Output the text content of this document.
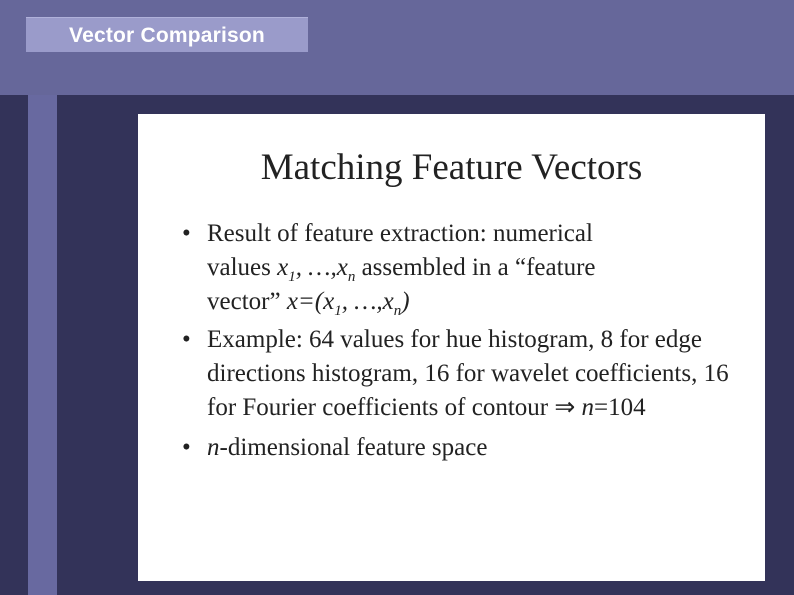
Vector Comparison
Matching Feature Vectors
• Result of feature extraction: numerical
values $x_1$, $\dots,x_n$ assembled in a “feature
vector” $x=(x_1$, $\dots,x_n$)
• Example: 64 values for hue histogram, 8 for edge directions histogram, 16 for wavelet coefficients, 16 for Fourier coefficients of contour ⇒ n=104
• n-dimensional feature space
